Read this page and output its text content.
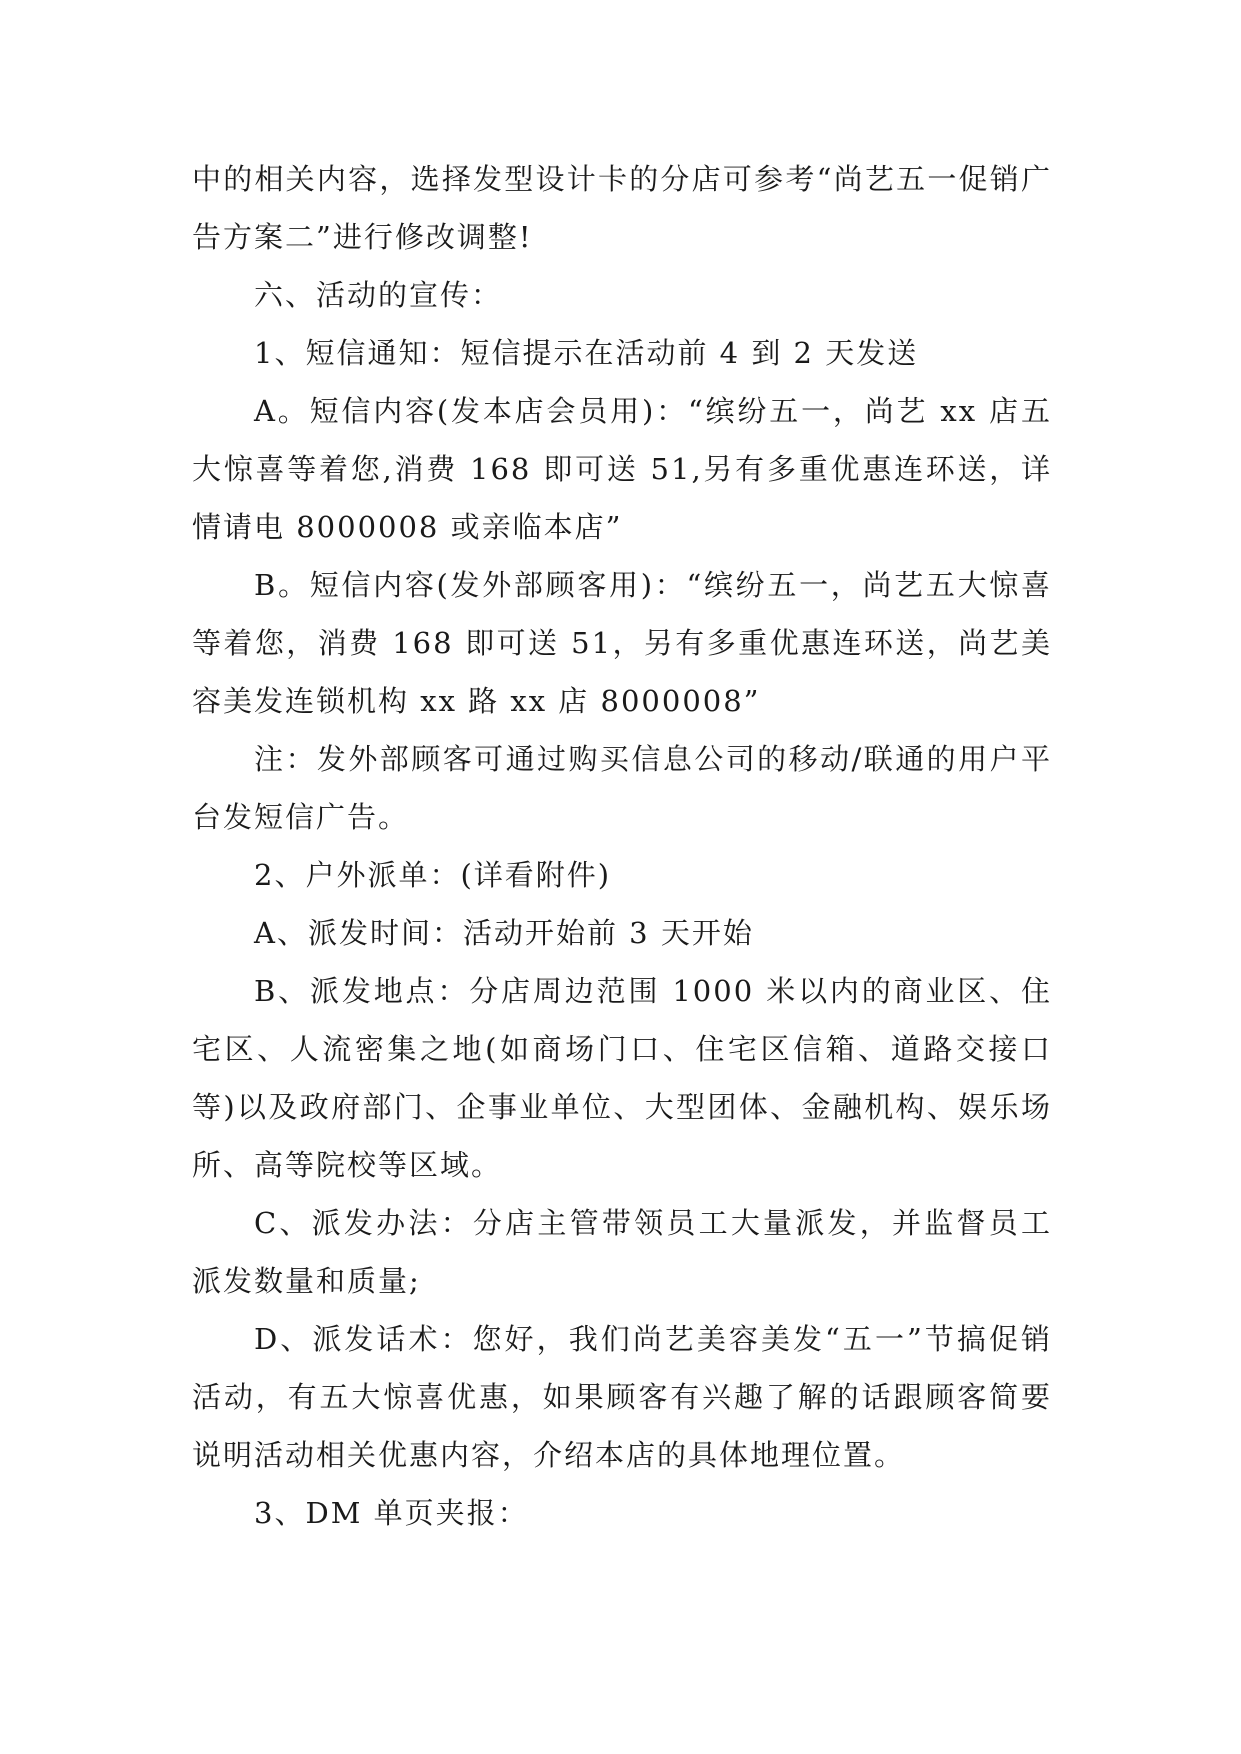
中的相关内容，选择发型设计卡的分店可参考“尚艺五一促销广告方案二”进行修改调整!

六、活动的宣传：

1、短信通知：短信提示在活动前 4 到 2 天发送

A。短信内容(发本店会员用)：“缤纷五一，尚艺 xx 店五大惊喜等着您,消费 168 即可送 51,另有多重优惠连环送，详情请电 8000008 或亲临本店”

B。短信内容(发外部顾客用)：“缤纷五一，尚艺五大惊喜等着您，消费 168 即可送 51，另有多重优惠连环送，尚艺美容美发连锁机构 xx 路 xx 店 8000008”

注：发外部顾客可通过购买信息公司的移动/联通的用户平台发短信广告。

2、户外派单：(详看附件)

A、派发时间：活动开始前 3 天开始

B、派发地点：分店周边范围 1000 米以内的商业区、住宅区、人流密集之地(如商场门口、住宅区信箱、道路交接口等)以及政府部门、企事业单位、大型团体、金融机构、娱乐场所、高等院校等区域。

C、派发办法：分店主管带领员工大量派发，并监督员工派发数量和质量;

D、派发话术：您好，我们尚艺美容美发“五一”节搞促销活动，有五大惊喜优惠，如果顾客有兴趣了解的话跟顾客简要说明活动相关优惠内容，介绍本店的具体地理位置。

3、DM 单页夹报：
